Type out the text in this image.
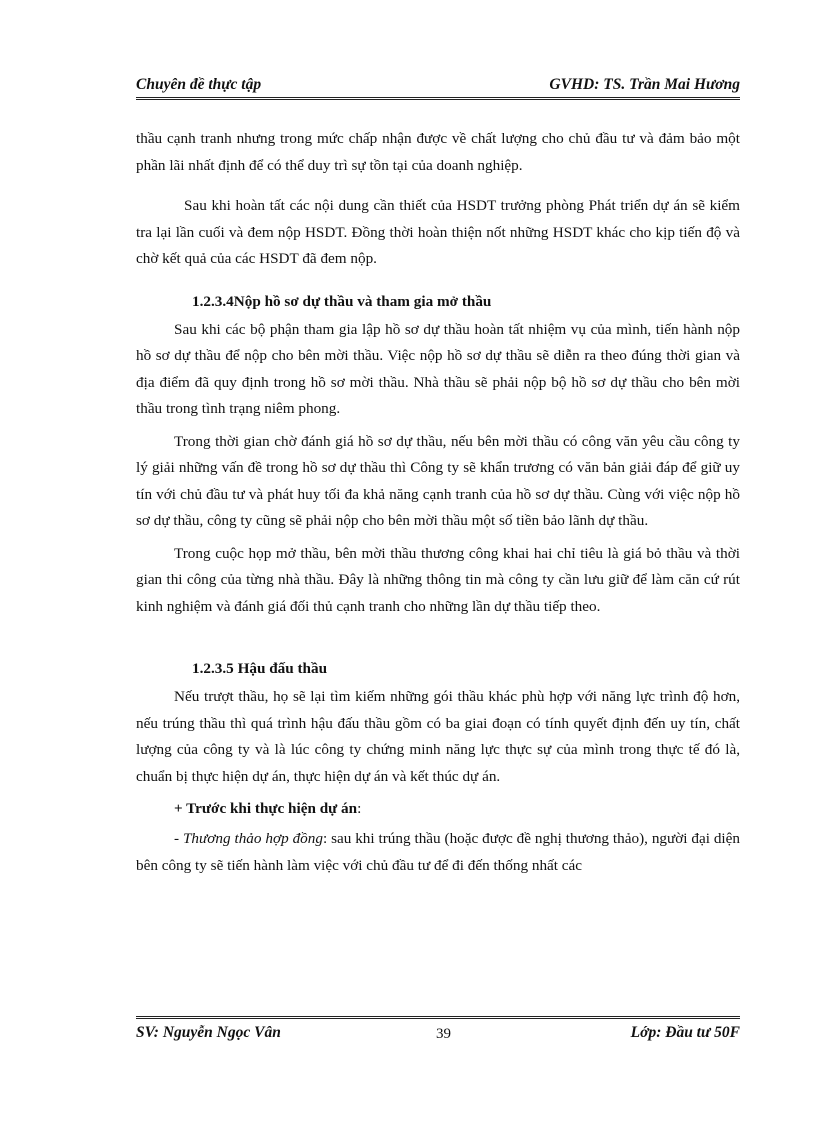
Chuyên đề thực tập	GVHD: TS. Trần Mai Hương

thầu cạnh tranh nhưng trong mức chấp nhận được về chất lượng cho chủ đầu tư và đảm bảo một phần lãi nhất định để có thể duy trì sự tồn tại của doanh nghiệp.

Sau khi hoàn tất các nội dung cần thiết của HSDT trưởng phòng Phát triển dự án sẽ kiểm tra lại lần cuối và đem nộp HSDT. Đồng thời hoàn thiện nốt những HSDT khác cho kịp tiến độ và chờ kết quả của các HSDT đã đem nộp.

1.2.3.4Nộp hồ sơ dự thầu và tham gia mở thầu

Sau khi các bộ phận tham gia lập hồ sơ dự thầu hoàn tất nhiệm vụ của mình, tiến hành nộp hồ sơ dự thầu để nộp cho bên mời thầu. Việc nộp hồ sơ dự thầu sẽ diễn ra theo đúng thời gian và địa điểm đã quy định trong hồ sơ mời thầu. Nhà thầu sẽ phải nộp bộ hồ sơ dự thầu cho bên mời thầu trong tình trạng niêm phong.

Trong thời gian chờ đánh giá hồ sơ dự thầu, nếu bên mời thầu có công văn yêu cầu công ty lý giải những vấn đề trong hồ sơ dự thầu thì Công ty sẽ khẩn trương có văn bản giải đáp để giữ uy tín với chủ đầu tư và phát huy tối đa khả năng cạnh tranh của hồ sơ dự thầu. Cùng với việc nộp hồ sơ dự thầu, công ty cũng sẽ phải nộp cho bên mời thầu một số tiền bảo lãnh dự thầu.

Trong cuộc họp mở thầu, bên mời thầu thương công khai hai chỉ tiêu là giá bỏ thầu và thời gian thi công của từng nhà thầu. Đây là những thông tin mà công ty cần lưu giữ để làm căn cứ rút kinh nghiệm và đánh giá đối thủ cạnh tranh cho những lần dự thầu tiếp theo.

1.2.3.5 Hậu đấu thầu

Nếu trượt thầu, họ sẽ lại tìm kiếm những gói thầu khác phù hợp với năng lực trình độ hơn, nếu trúng thầu thì quá trình hậu đấu thầu gồm có ba giai đoạn có tính quyết định đến uy tín, chất lượng của công ty và là lúc công ty chứng minh năng lực thực sự của mình trong thực tế đó là, chuẩn bị thực hiện dự án, thực hiện dự án và kết thúc dự án.

+ Trước khi thực hiện dự án:

- Thương thảo hợp đồng: sau khi trúng thầu (hoặc được đề nghị thương thảo), người đại diện bên công ty sẽ tiến hành làm việc với chủ đầu tư để đi đến thống nhất các

SV: Nguyễn Ngọc Vân	39	Lớp: Đầu tư 50F
